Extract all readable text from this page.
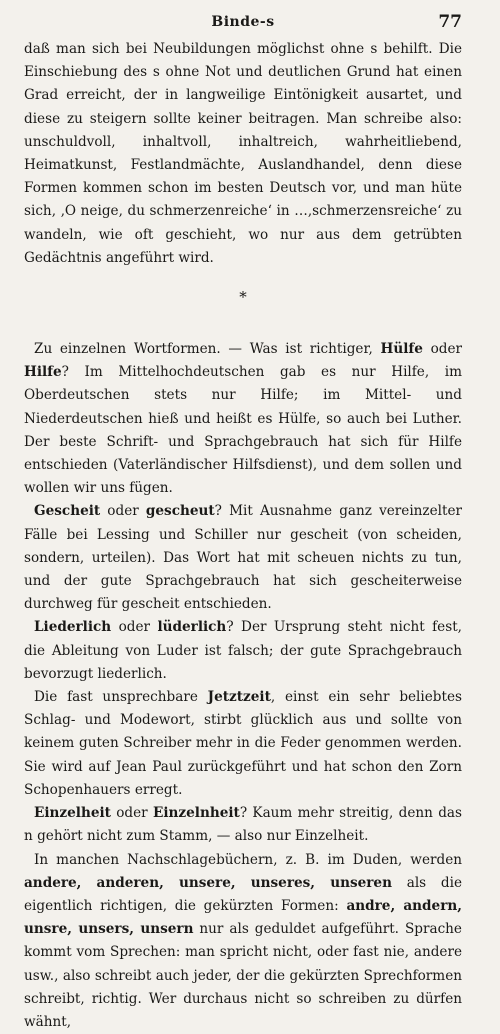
Binde-s	77

daß man sich bei Neubildungen möglichst ohne s behilft. Die Einschiebung des s ohne Not und deutlichen Grund hat einen Grad erreicht, der in langweilige Eintönigkeit ausartet, und diese zu steigern sollte keiner beitragen. Man schreibe also: unschuldvoll, inhaltvoll, inhaltreich, wahrheitliebend, Heimatkunst, Festlandmächte, Auslandhandel, denn diese Formen kommen schon im besten Deutsch vor, und man hüte sich, ‚O neige, du schmerzenreiche‘ in …‚schmerzensreiche‘ zu wandeln, wie oft geschieht, wo nur aus dem getrübten Gedächtnis angeführt wird.

*

Zu einzelnen Wortformen. — Was ist richtiger, Hülfe oder Hilfe? Im Mittelhochdeutschen gab es nur Hilfe, im Oberdeutschen stets nur Hilfe; im Mittel- und Niederdeutschen hieß und heißt es Hülfe, so auch bei Luther. Der beste Schrift- und Sprachgebrauch hat sich für Hilfe entschieden (Vaterländischer Hilfsdienst), und dem sollen und wollen wir uns fügen.

Gescheit oder gescheut? Mit Ausnahme ganz vereinzelter Fälle bei Lessing und Schiller nur gescheit (von scheiden, sondern, urteilen). Das Wort hat mit scheuen nichts zu tun, und der gute Sprachgebrauch hat sich gescheiterweise durchweg für gescheit entschieden.

Liederlich oder lüderlich? Der Ursprung steht nicht fest, die Ableitung von Luder ist falsch; der gute Sprachgebrauch bevorzugt liederlich.

Die fast unsprechbare Jetztzeit, einst ein sehr beliebtes Schlag- und Modewort, stirbt glücklich aus und sollte von keinem guten Schreiber mehr in die Feder genommen werden. Sie wird auf Jean Paul zurückgeführt und hat schon den Zorn Schopenhauers erregt.

Einzelheit oder Einzelnheit? Kaum mehr streitig, denn das n gehört nicht zum Stamm, — also nur Einzelheit.

In manchen Nachschlagebüchern, z. B. im Duden, werden andere, anderen, unsere, unseres, unseren als die eigentlich richtigen, die gekürzten Formen: andre, andern, unsre, unsers, unsern nur als geduldet aufgeführt. Sprache kommt vom Sprechen: man spricht nicht, oder fast nie, andere usw., also schreibt auch jeder, der die gekürzten Sprechformen schreibt, richtig. Wer durchaus nicht so schreiben zu dürfen wähnt,
